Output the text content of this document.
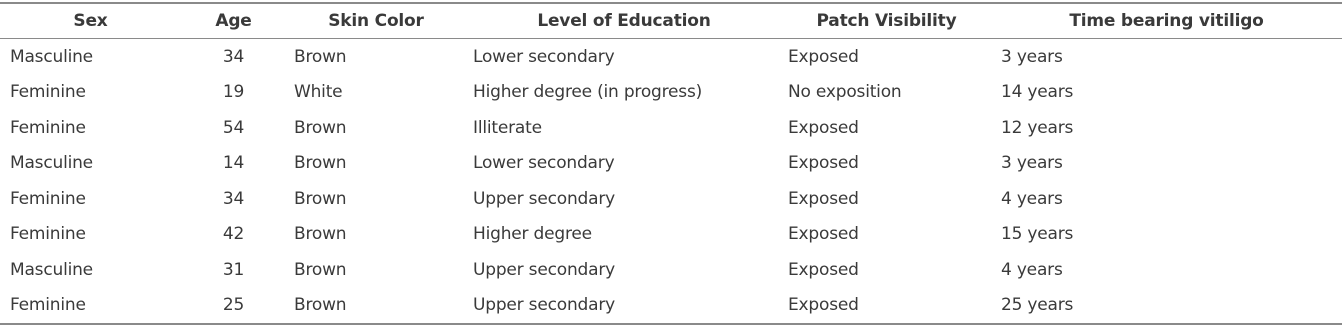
Sex	Age	Skin Color	Level of Education	Patch Visibility	Time bearing vitiligo
Masculine	34	Brown	Lower secondary	Exposed	3 years
Feminine	19	White	Higher degree (in progress)	No exposition	14 years
Feminine	54	Brown	Illiterate	Exposed	12 years
Masculine	14	Brown	Lower secondary	Exposed	3 years
Feminine	34	Brown	Upper secondary	Exposed	4 years
Feminine	42	Brown	Higher degree	Exposed	15 years
Masculine	31	Brown	Upper secondary	Exposed	4 years
Feminine	25	Brown	Upper secondary	Exposed	25 years
